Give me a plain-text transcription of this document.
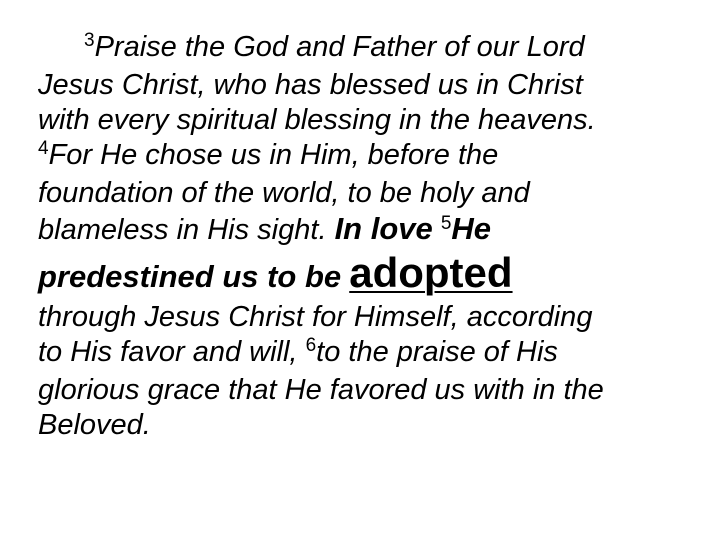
$^3$Praise the God and Father of our Lord
Jesus Christ, who has blessed us in Christ
with every spiritual blessing in the heavens.
$^4$For He chose us in Him, before the
foundation of the world, to be holy and
blameless in His sight. In love $^5$He
predestined us to be adopted
through Jesus Christ for Himself, according
to His favor and will, $^6$to the praise of His
glorious grace that He favored us with in the
Beloved.
